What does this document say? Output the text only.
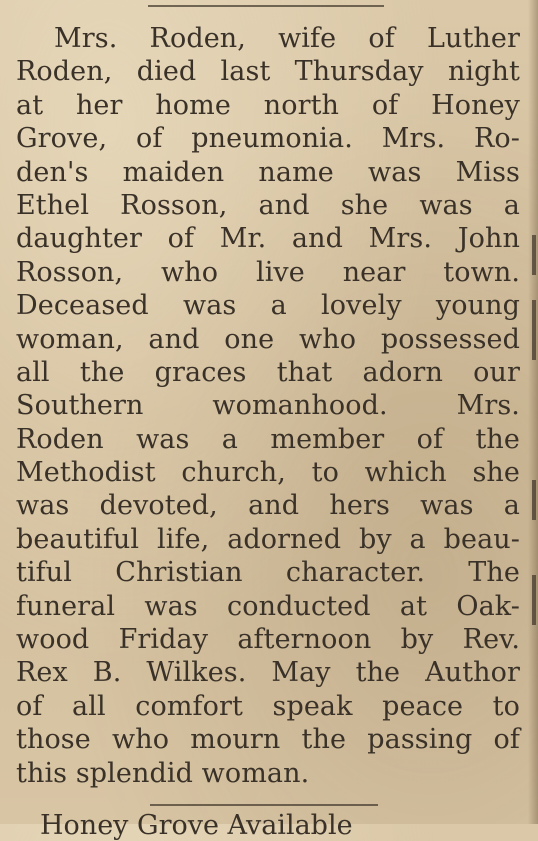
Mrs. Roden, wife of Luther
Roden, died last Thursday night
at her home north of Honey
Grove, of pneumonia. Mrs. Ro-
den's maiden name was Miss
Ethel Rosson, and she was a
daughter of Mr. and Mrs. John
Rosson, who live near town.
Deceased was a lovely young
woman, and one who possessed
all the graces that adorn our
Southern womanhood. Mrs.
Roden was a member of the
Methodist church, to which she
was devoted, and hers was a
beautiful life, adorned by a beau-
tiful Christian character. The
funeral was conducted at Oak-
wood Friday afternoon by Rev.
Rex B. Wilkes. May the Author
of all comfort speak peace to
those who mourn the passing of
this splendid woman.
Honey Grove Available
